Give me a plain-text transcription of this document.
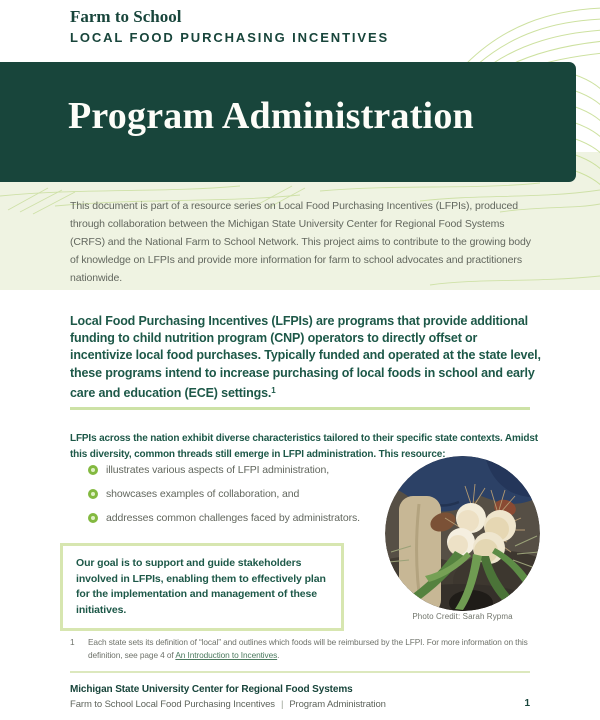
Farm to School
LOCAL FOOD PURCHASING INCENTIVES
Program Administration

This document is part of a resource series on Local Food Purchasing Incentives (LFPIs), produced through collaboration between the Michigan State University Center for Regional Food Systems (CRFS) and the National Farm to School Network. This project aims to contribute to the growing body of knowledge on LFPIs and provide more information for farm to school advocates and practitioners nationwide.

Local Food Purchasing Incentives (LFPIs) are programs that provide additional funding to child nutrition program (CNP) operators to directly offset or incentivize local food purchases. Typically funded and operated at the state level, these programs intend to increase purchasing of local foods in school and early care and education (ECE) settings.$^1$

LFPIs across the nation exhibit diverse characteristics tailored to their specific state contexts. Amidst this diversity, common threads still emerge in LFPI administration. This resource:

illustrates various aspects of LFPI administration,
showcases examples of collaboration, and
addresses common challenges faced by administrators.

Our goal is to support and guide stakeholders involved in LFPIs, enabling them to effectively plan for the implementation and management of these initiatives.

Photo Credit: Sarah Rypma
1	Each state sets its definition of “local” and outlines which foods will be reimbursed by the LFPI. For more information on this definition, see page 4 of An Introduction to Incentives.
Michigan State University Center for Regional Food Systems
Farm to School Local Food Purchasing Incentives | Program Administration	1
